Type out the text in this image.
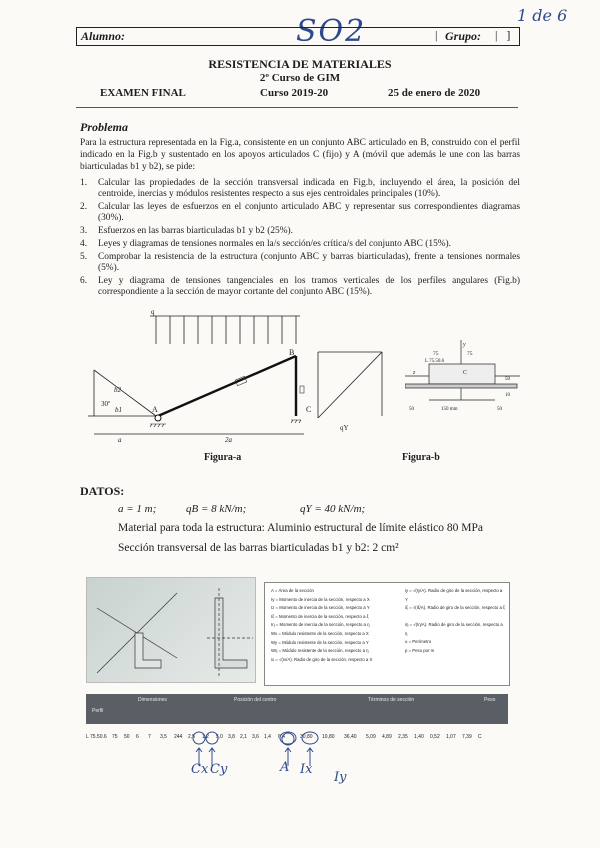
1 de 6
SO2
Alumno:	| Grupo: |   ]
RESISTENCIA DE MATERIALES
2º Curso de GIM
EXAMEN FINAL	Curso 2019-20	25 de enero de 2020
Problema
Para la estructura representada en la Fig.a, consistente en un conjunto ABC articulado en B, construido con el perfil indicado en la Fig.b y sustentado en los apoyos articulados C (fijo) y A (móvil que además le une con las barras biarticuladas b1 y b2), se pide:
1.	Calcular las propiedades de la sección transversal indicada en Fig.b, incluyendo el área, la posición del centroide, inercias y módulos resistentes respecto a sus ejes centroidales principales (10%).
2.	Calcular las leyes de esfuerzos en el conjunto articulado ABC y representar sus correspondientes diagramas (30%).
3.	Esfuerzos en las barras biarticuladas b1 y b2 (25%).
4.	Leyes y diagramas de tensiones normales en la/s sección/es crítica/s del conjunto ABC (15%).
5.	Comprobar la resistencia de la estructura (conjunto ABC y barras biarticuladas), frente a tensiones normales (5%).
6.	Ley y diagrama de tensiones tangenciales en los tramos verticales de los perfiles angulares (Fig.b) correspondiente a la sección de mayor cortante del conjunto ABC (15%).
q
B
A	C
b2
b1
30º
a	2a
qY
Figura-a
75	75
L 75.50.6
y
z	C
50
10
50	150 mm	50
Figura-b
DATOS:
a = 1 m;	qB = 8 kN/m;	qY = 40 kN/m;
Material para toda la estructura: Aluminio estructural de límite elástico 80 MPa
Sección transversal de las barras biarticuladas b1 y b2: 2 cm²
A = Área de la sección
Iy = Momento de inercia de la sección, respecto a X
Iz = Momento de inercia de la sección, respecto a Y
Iξ = Momento de inercia de la sección, respecto a ξ
Iη = Momento de inercia de la sección, respecto a η
Wx = Módulo resistente de la sección, respecto a X
Wy = Módulo resistente de la sección, respecto a Y
Wη = Módulo resistente de la sección, respecto a η
ix = √(Ix/A). Radio de giro de la sección, respecto a X
iy = √(Iy/A). Radio de giro de la sección, respecto a Y
iξ = √(Iξ/A). Radio de giro de la sección, respecto a ξ
iη = √(Iη/A). Radio de giro de la sección, respecto a η
u = Perímetro
p = Peso por m
Perfil
Dimensiones	Posición del centro	Términos de sección	Peso
L 75.50.6	75	50	6	7	3,5	244	2,5	1,2	5,0	3,8	2,1	3,6	1,4	6,4	30,80	10,80	36,40	5,09	4,89	2,35	1,40	0,52	1,07	7,39	C
Cx Cy	A Ix
Iy
